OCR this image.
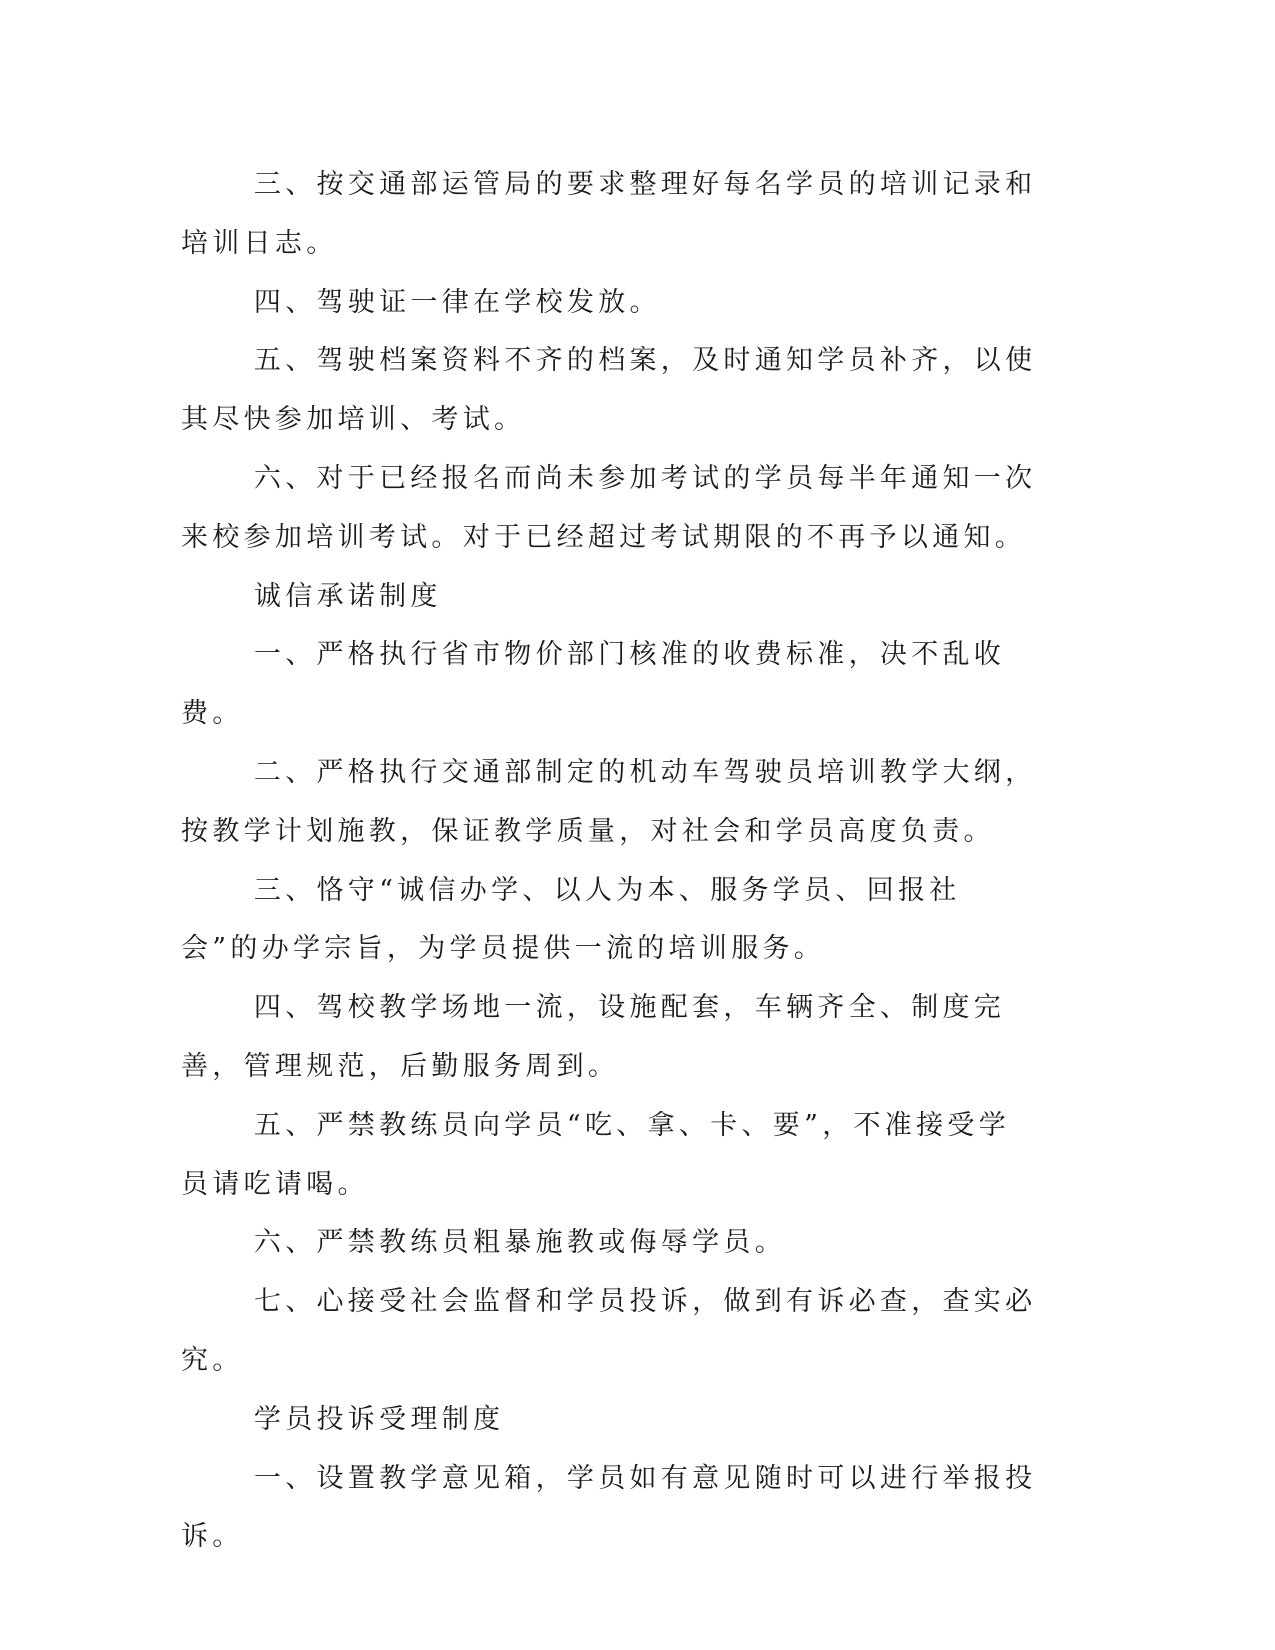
三、按交通部运管局的要求整理好每名学员的培训记录和培训日志。

四、驾驶证一律在学校发放。

五、驾驶档案资料不齐的档案，及时通知学员补齐，以使其尽快参加培训、考试。

六、对于已经报名而尚未参加考试的学员每半年通知一次来校参加培训考试。对于已经超过考试期限的不再予以通知。

诚信承诺制度

一、严格执行省市物价部门核准的收费标准，决不乱收费。

二、严格执行交通部制定的机动车驾驶员培训教学大纲，按教学计划施教，保证教学质量，对社会和学员高度负责。

三、恪守“诚信办学、以人为本、服务学员、回报社会”的办学宗旨，为学员提供一流的培训服务。

四、驾校教学场地一流，设施配套，车辆齐全、制度完善，管理规范，后勤服务周到。

五、严禁教练员向学员“吃、拿、卡、要”，不准接受学员请吃请喝。

六、严禁教练员粗暴施教或侮辱学员。

七、心接受社会监督和学员投诉，做到有诉必查，查实必究。

学员投诉受理制度

一、设置教学意见箱，学员如有意见随时可以进行举报投诉。
